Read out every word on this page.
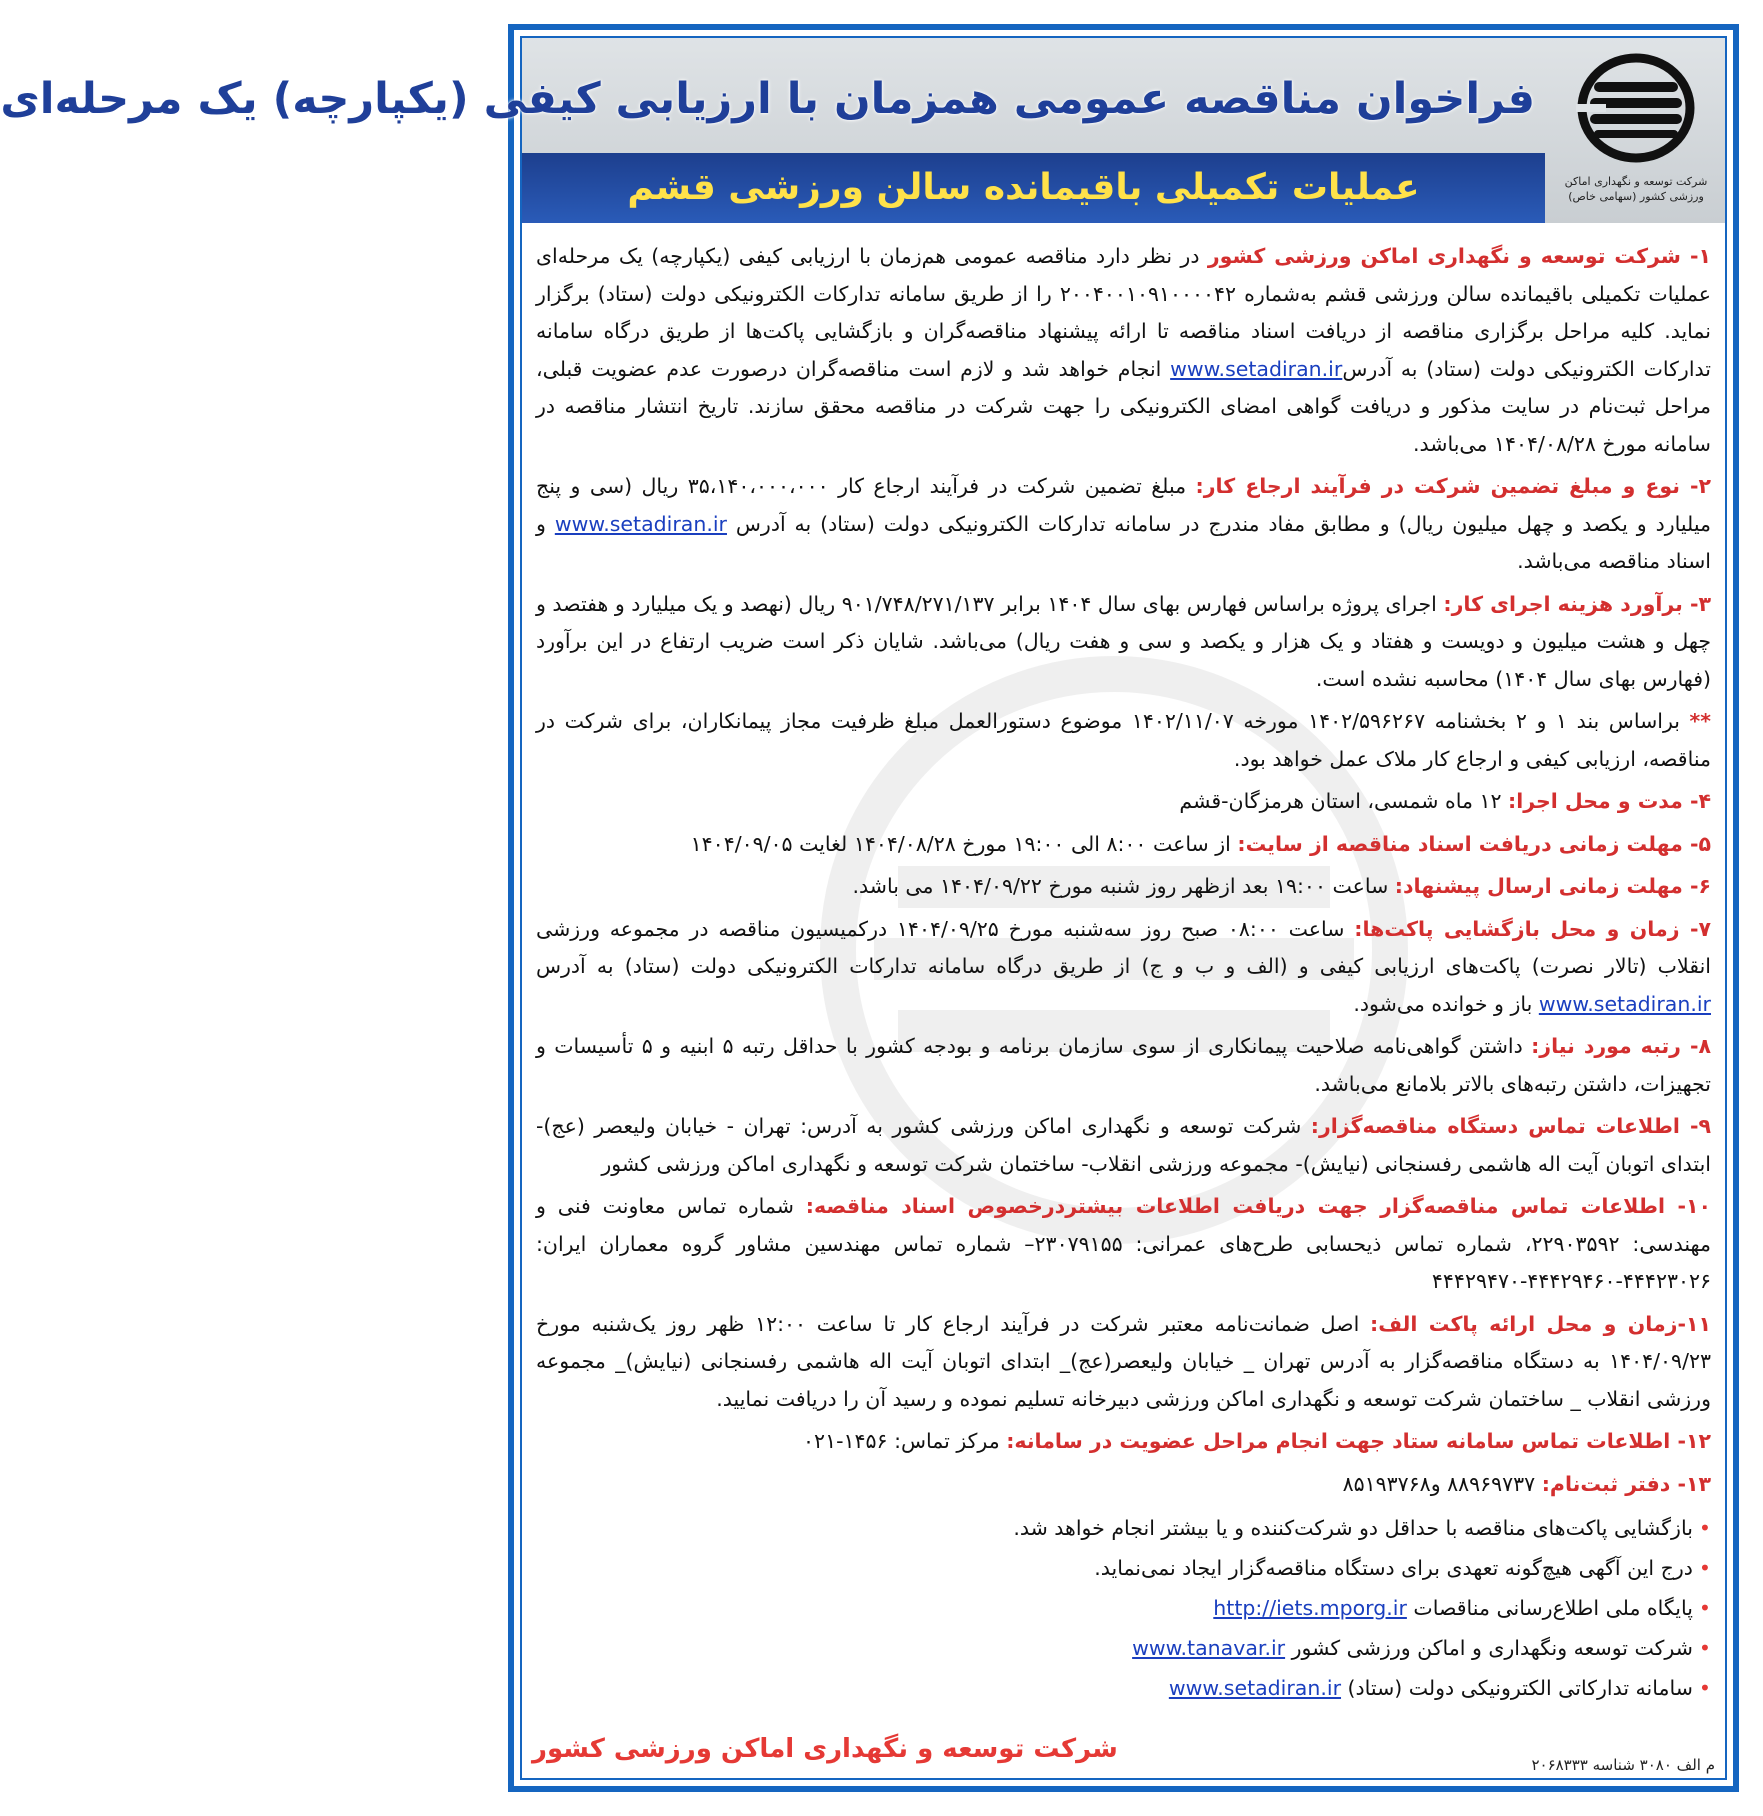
فراخوان مناقصه عمومی همزمان با ارزیابی کیفی (یکپارچه) یک مرحله‌ای
عملیات تکمیلی باقیمانده سالن ورزشی قشم	شرکت توسعه و نگهداری اماکن
ورزشی کشور (سهامی خاص)

۱- شرکت توسعه و نگهداری اماکن ورزشی کشور در نظر دارد مناقصه عمومی هم‌زمان با ارزیابی کیفی (یکپارچه) یک مرحله‌ای عملیات تکمیلی باقیمانده سالن ورزشی قشم به‌شماره ۲۰۰۴۰۰۱۰۹۱۰۰۰۰۴۲ را از طریق سامانه تدارکات الکترونیکی دولت (ستاد) برگزار نماید. کلیه مراحل برگزاری مناقصه از دریافت اسناد مناقصه تا ارائه پیشنهاد مناقصه‌گران و بازگشایی پاکت‌ها از طریق درگاه سامانه تدارکات الکترونیکی دولت (ستاد) به آدرسwww.setadiran.ir انجام خواهد شد و لازم است مناقصه‌گران درصورت عدم عضویت قبلی، مراحل ثبت‌نام در سایت مذکور و دریافت گواهی امضای الکترونیکی را جهت شرکت در مناقصه محقق سازند. تاریخ انتشار مناقصه در سامانه مورخ ۱۴۰۴/۰۸/۲۸ می‌باشد.

۲- نوع و مبلغ تضمین شرکت در فرآیند ارجاع کار: مبلغ تضمین شرکت در فرآیند ارجاع کار ۳۵،۱۴۰،۰۰۰،۰۰۰ ریال (سی و پنج میلیارد و یکصد و چهل میلیون ریال) و مطابق مفاد مندرج در سامانه تدارکات الکترونیکی دولت (ستاد) به آدرس www.setadiran.ir و اسناد مناقصه می‌باشد.

۳- برآورد هزینه اجرای کار: اجرای پروژه براساس فهارس بهای سال ۱۴۰۴ برابر ۹۰۱/۷۴۸/۲۷۱/۱۳۷ ریال (نهصد و یک میلیارد و هفتصد و چهل و هشت میلیون و دویست و هفتاد و یک هزار و یکصد و سی و هفت ریال) می‌باشد. شایان ذکر است ضریب ارتفاع در این برآورد (فهارس بهای سال ۱۴۰۴) محاسبه نشده است.

** براساس بند ۱ و ۲ بخشنامه ۱۴۰۲/۵۹۶۲۶۷ مورخه ۱۴۰۲/۱۱/۰۷ موضوع دستورالعمل مبلغ ظرفیت مجاز پیمانکاران، برای شرکت در مناقصه، ارزیابی کیفی و ارجاع کار ملاک عمل خواهد بود.

۴- مدت و محل اجرا: ۱۲ ماه شمسی، استان هرمزگان-قشم

۵- مهلت زمانی دریافت اسناد مناقصه از سایت: از ساعت ۸:۰۰ الی ۱۹:۰۰ مورخ ۱۴۰۴/۰۸/۲۸ لغایت ۱۴۰۴/۰۹/۰۵

۶- مهلت زمانی ارسال پیشنهاد: ساعت ۱۹:۰۰ بعد ازظهر روز شنبه مورخ ۱۴۰۴/۰۹/۲۲ می باشد.

۷- زمان و محل بازگشایی پاکت‌ها: ساعت ۰۸:۰۰ صبح روز سه‌شنبه مورخ ۱۴۰۴/۰۹/۲۵ درکمیسیون مناقصه در مجموعه ورزشی انقلاب (تالار نصرت) پاکت‌های ارزیابی کیفی و (الف و ب و ج) از طریق درگاه سامانه تدارکات الکترونیکی دولت (ستاد) به آدرس www.setadiran.ir باز و خوانده می‌شود.

۸- رتبه مورد نیاز: داشتن گواهی‌نامه صلاحیت پیمانکاری از سوی سازمان برنامه و بودجه کشور با حداقل رتبه ۵ ابنیه و ۵ تأسیسات و تجهیزات، داشتن رتبه‌های بالاتر بلامانع می‌باشد.

۹- اطلاعات تماس دستگاه مناقصه‌گزار: شرکت توسعه و نگهداری اماکن ورزشی کشور به آدرس: تهران - خیابان ولیعصر (عج)- ابتدای اتوبان آیت اله هاشمی رفسنجانی (نیایش)- مجموعه ورزشی انقلاب- ساختمان شرکت توسعه و نگهداری اماکن ورزشی کشور

۱۰- اطلاعات تماس مناقصه‌گزار جهت دریافت اطلاعات بیشتردرخصوص اسناد مناقصه: شماره تماس معاونت فنی و مهندسی: ۲۲۹۰۳۵۹۲، شماره تماس ذیحسابی طرح‌های عمرانی: ۲۳۰۷۹۱۵۵– شماره تماس مهندسین مشاور گروه معماران ایران: ۴۴۴۲۳۰۲۶-۴۴۴۲۹۴۶۰-۴۴۴۲۹۴۷۰

۱۱-زمان و محل ارائه پاکت الف: اصل ضمانت‌نامه معتبر شرکت در فرآیند ارجاع کار تا ساعت ۱۲:۰۰ ظهر روز یک‌شنبه مورخ ۱۴۰۴/۰۹/۲۳ به دستگاه مناقصه‌گزار به آدرس تهران _ خیابان ولیعصر(عج)_ ابتدای اتوبان آیت اله هاشمی رفسنجانی (نیایش)_ مجموعه ورزشی انقلاب _ ساختمان شرکت توسعه و نگهداری اماکن ورزشی دبیرخانه تسلیم نموده و رسید آن را دریافت نمایید.

۱۲- اطلاعات تماس سامانه ستاد جهت انجام مراحل عضویت در سامانه: مرکز تماس: ۱۴۵۶-۰۲۱

۱۳- دفتر ثبت‌نام: ۸۸۹۶۹۷۳۷ و۸۵۱۹۳۷۶۸

•بازگشایی پاکت‌های مناقصه با حداقل دو شرکت‌کننده و یا بیشتر انجام خواهد شد.
•درج این آگهی هیچ‌گونه تعهدی برای دستگاه مناقصه‌گزار ایجاد نمی‌نماید.
•پایگاه ملی اطلاع‌رسانی مناقصات http://iets.mporg.ir
•شرکت توسعه ونگهداری و اماکن ورزشی کشور www.tanavar.ir
•سامانه تدارکاتی الکترونیکی دولت (ستاد) www.setadiran.ir
شرکت توسعه و نگهداری اماکن ورزشی کشور
م الف ۳۰۸۰ شناسه ۲۰۶۸۳۳۳
